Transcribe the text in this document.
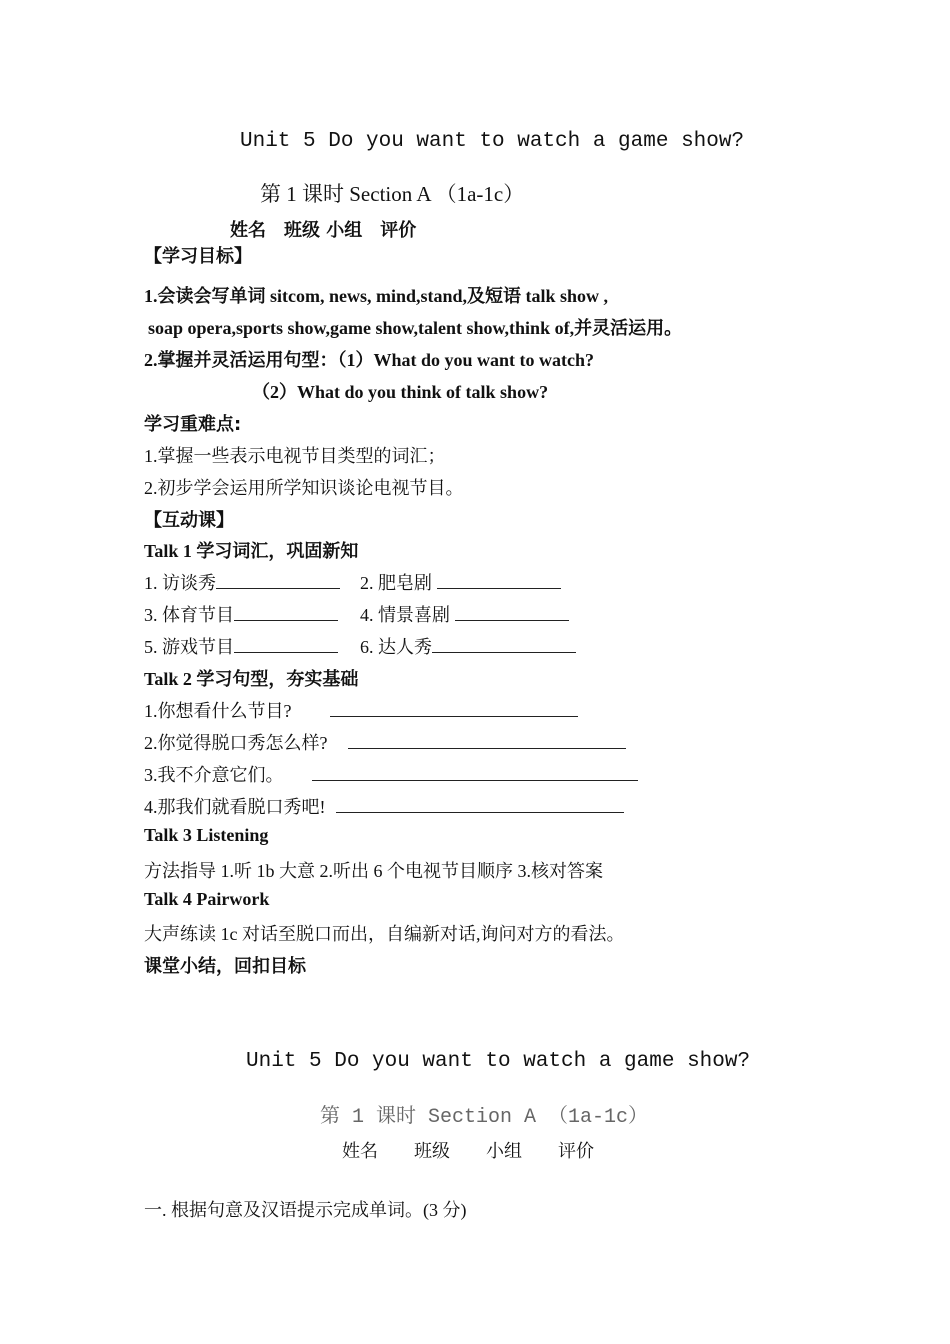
Unit 5 Do you want to watch a game show?
第 1 课时 Section A （1a-1c）
姓名　班级 小组　评价
【学习目标】
1.会读会写单词 sitcom, news, mind,stand,及短语 talk show ,
soap opera,sports show,game show,talent show,think of,并灵活运用。
2.掌握并灵活运用句型：（1）What do you want to watch?
（2）What do you think of talk show?
学习重难点:
1.掌握一些表示电视节目类型的词汇；
2.初步学会运用所学知识谈论电视节目。
【互动课】
Talk 1 学习词汇，巩固新知
1. 访谈秀	2. 肥皂剧
3. 体育节目	4. 情景喜剧
5. 游戏节目	6. 达人秀
Talk 2 学习句型，夯实基础
1.你想看什么节目?
2.你觉得脱口秀怎么样?
3.我不介意它们。
4.那我们就看脱口秀吧!
Talk 3 Listening
方法指导 1.听 1b 大意 2.听出 6 个电视节目顺序 3.核对答案
Talk 4 Pairwork
大声练读 1c 对话至脱口而出，自编新对话,询问对方的看法。
课堂小结，回扣目标
Unit 5 Do you want to watch a game show?
第 1 课时 Section A （1a-1c）
姓名　　班级　　小组　　评价
一. 根据句意及汉语提示完成单词。(3 分)
